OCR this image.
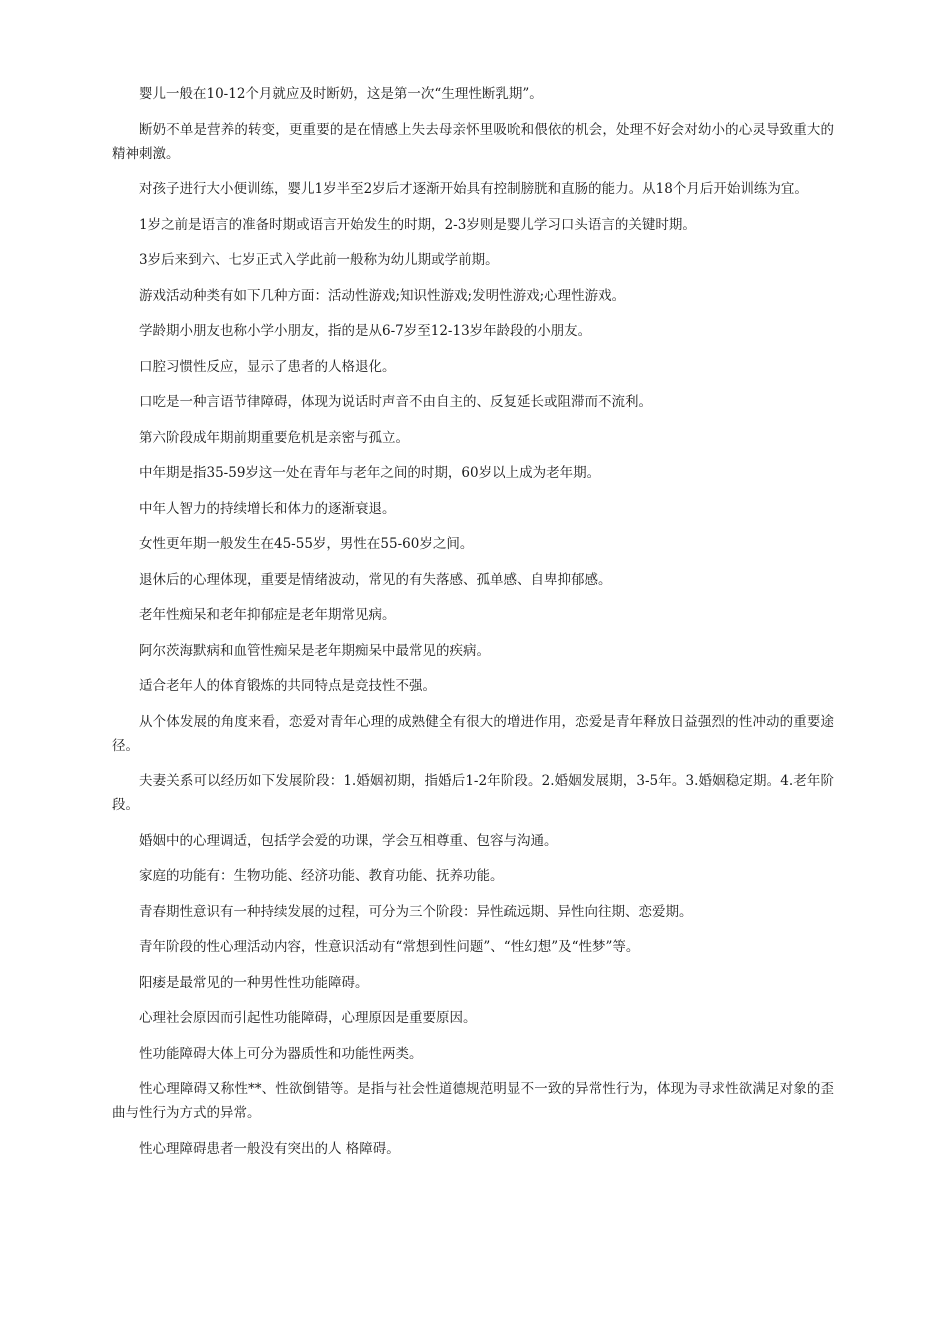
婴儿一般在10-12个月就应及时断奶，这是第一次“生理性断乳期”。

断奶不单是营养的转变，更重要的是在情感上失去母亲怀里吸吮和偎依的机会，处理不好会对幼小的心灵导致重大的精神刺激。

对孩子进行大小便训练，婴儿1岁半至2岁后才逐渐开始具有控制膀胱和直肠的能力。从18个月后开始训练为宜。

1岁之前是语言的准备时期或语言开始发生的时期，2-3岁则是婴儿学习口头语言的关键时期。

3岁后来到六、七岁正式入学此前一般称为幼儿期或学前期。

游戏活动种类有如下几种方面：活动性游戏;知识性游戏;发明性游戏;心理性游戏。

学龄期小朋友也称小学小朋友，指的是从6-7岁至12-13岁年龄段的小朋友。

口腔习惯性反应，显示了患者的人格退化。

口吃是一种言语节律障碍，体现为说话时声音不由自主的、反复延长或阻滞而不流利。

第六阶段成年期前期重要危机是亲密与孤立。

中年期是指35-59岁这一处在青年与老年之间的时期，60岁以上成为老年期。

中年人智力的持续增长和体力的逐渐衰退。

女性更年期一般发生在45-55岁，男性在55-60岁之间。

退休后的心理体现，重要是情绪波动，常见的有失落感、孤单感、自卑抑郁感。

老年性痴呆和老年抑郁症是老年期常见病。

阿尔茨海默病和血管性痴呆是老年期痴呆中最常见的疾病。

适合老年人的体育锻炼的共同特点是竞技性不强。

从个体发展的角度来看，恋爱对青年心理的成熟健全有很大的增进作用，恋爱是青年释放日益强烈的性冲动的重要途径。

夫妻关系可以经历如下发展阶段：1.婚姻初期，指婚后1-2年阶段。2.婚姻发展期，3-5年。3.婚姻稳定期。4.老年阶段。

婚姻中的心理调适，包括学会爱的功课，学会互相尊重、包容与沟通。

家庭的功能有：生物功能、经济功能、教育功能、抚养功能。

青春期性意识有一种持续发展的过程，可分为三个阶段：异性疏远期、异性向往期、恋爱期。

青年阶段的性心理活动内容，性意识活动有“常想到性问题”、“性幻想”及“性梦”等。

阳痿是最常见的一种男性性功能障碍。

心理社会原因而引起性功能障碍，心理原因是重要原因。

性功能障碍大体上可分为器质性和功能性两类。

性心理障碍又称性**、性欲倒错等。是指与社会性道德规范明显不一致的异常性行为，体现为寻求性欲满足对象的歪曲与性行为方式的异常。

性心理障碍患者一般没有突出的人 格障碍。
